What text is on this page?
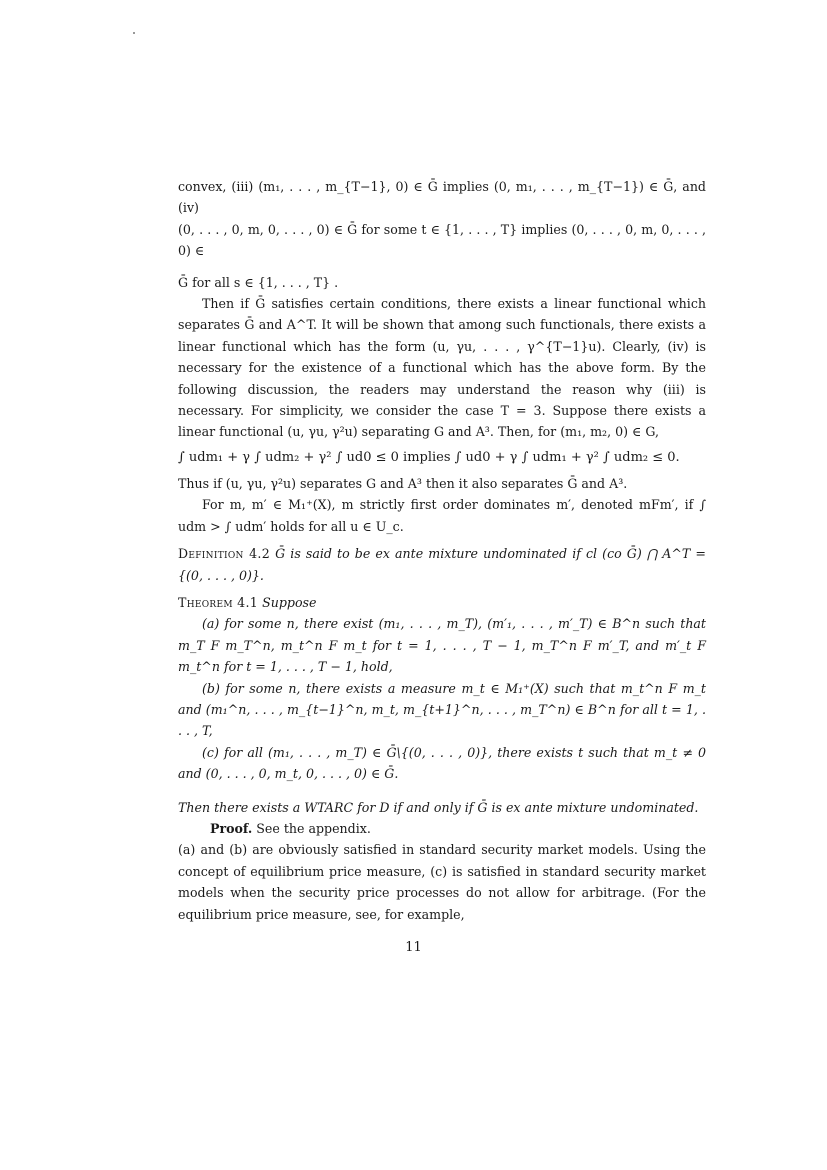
convex, (iii) (m₁, . . . , m_{T−1}, 0) ∈ Ḡ implies (0, m₁, . . . , m_{T−1}) ∈ Ḡ, and (iv)

(0, . . . , 0, m, 0, . . . , 0) ∈ Ḡ for some t ∈ {1, . . . , T} implies (0, . . . , 0, m, 0, . . . , 0) ∈

Ḡ for all s ∈ {1, . . . , T} .

Then if Ḡ satisfies certain conditions, there exists a linear functional which separates Ḡ and A^T. It will be shown that among such functionals, there exists a linear functional which has the form (u, γu, . . . , γ^{T−1}u). Clearly, (iv) is necessary for the existence of a functional which has the above form. By the following discussion, the readers may understand the reason why (iii) is necessary. For simplicity, we consider the case T = 3. Suppose there exists a linear functional (u, γu, γ²u) separating G and A³. Then, for (m₁, m₂, 0) ∈ G,

∫ udm₁ + γ ∫ udm₂ + γ² ∫ ud0 ≤ 0 implies ∫ ud0 + γ ∫ udm₁ + γ² ∫ udm₂ ≤ 0.

Thus if (u, γu, γ²u) separates G and A³ then it also separates Ḡ and A³.

For m, m′ ∈ M₁⁺(X), m strictly first order dominates m′, denoted mFm′, if ∫ udm > ∫ udm′ holds for all u ∈ U_c.

Definition 4.2 Ḡ is said to be ex ante mixture undominated if cl (co Ḡ) ⋂ A^T = {(0, . . . , 0)}.

Theorem 4.1 Suppose

(a) for some n, there exist (m₁, . . . , m_T), (m′₁, . . . , m′_T) ∈ B^n such that m_T F m_T^n, m_t^n F m_t for t = 1, . . . , T − 1, m_T^n F m′_T, and m′_t F m_t^n for t = 1, . . . , T − 1, hold,

(b) for some n, there exists a measure m_t ∈ M₁⁺(X) such that m_t^n F m_t and (m₁^n, . . . , m_{t−1}^n, m_t, m_{t+1}^n, . . . , m_T^n) ∈ B^n for all t = 1, . . . , T,

(c) for all (m₁, . . . , m_T) ∈ Ḡ\{(0, . . . , 0)}, there exists t such that m_t ≠ 0 and (0, . . . , 0, m_t, 0, . . . , 0) ∈ Ḡ.

Then there exists a WTARC for D if and only if Ḡ is ex ante mixture undominated.

Proof. See the appendix.

(a) and (b) are obviously satisfied in standard security market models. Using the concept of equilibrium price measure, (c) is satisfied in standard security market models when the security price processes do not allow for arbitrage. (For the equilibrium price measure, see, for example,

11
